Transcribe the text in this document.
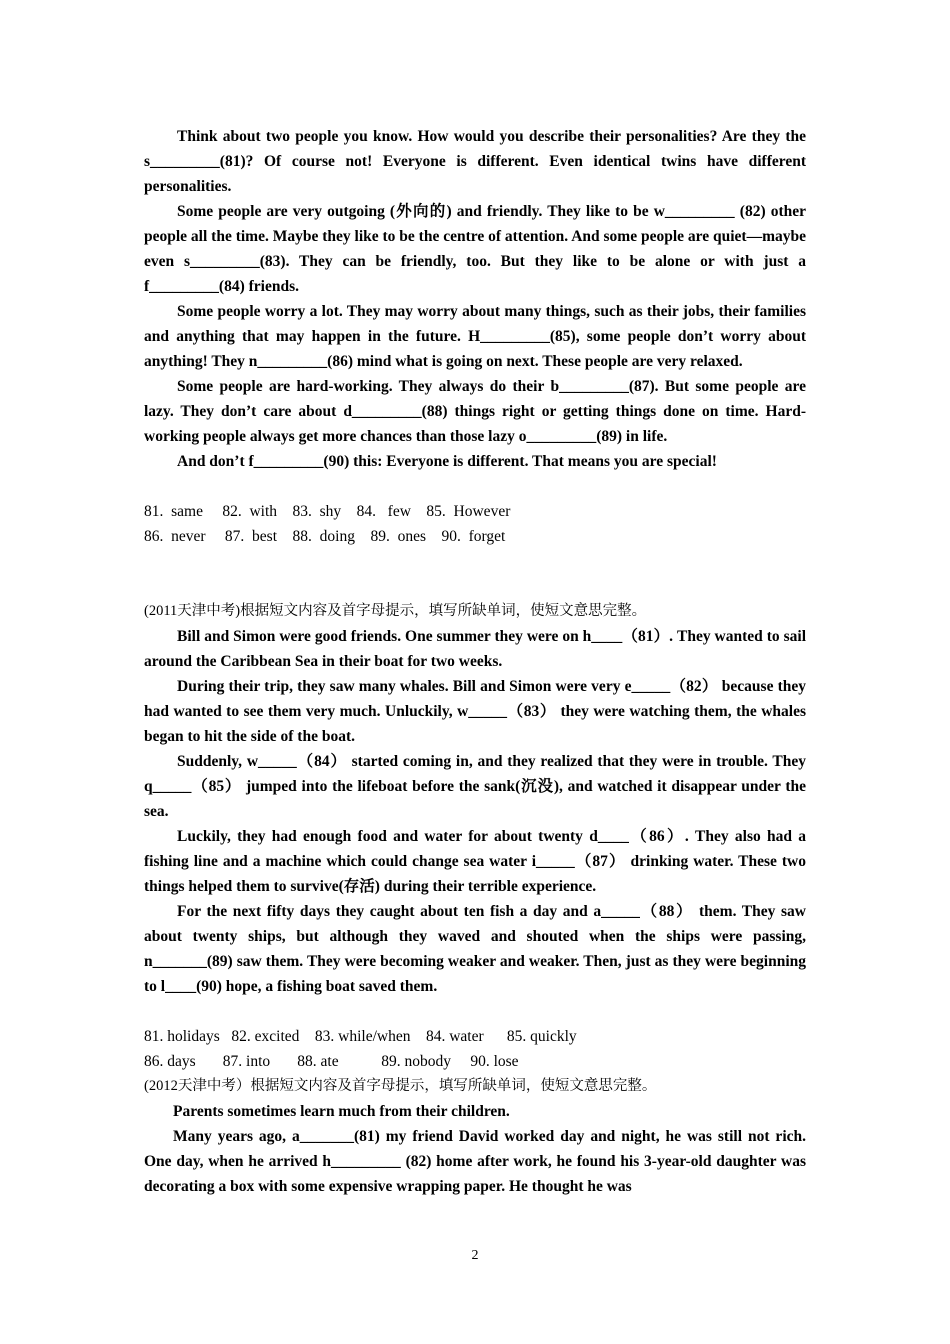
Think about two people you know. How would you describe their personalities? Are they the s_________(81)? Of course not! Everyone is different. Even identical twins have different personalities.

Some people are very outgoing (外向的) and friendly. They like to be w_________ (82) other people all the time. Maybe they like to be the centre of attention. And some people are quiet—maybe even s_________(83). They can be friendly, too. But they like to be alone or with just a f_________(84) friends.

Some people worry a lot. They may worry about many things, such as their jobs, their families and anything that may happen in the future. H_________(85), some people don’t worry about anything! They n_________(86) mind what is going on next. These people are very relaxed.

Some people are hard-working. They always do their b_________(87). But some people are lazy. They don’t care about d_________(88) things right or getting things done on time. Hard-working people always get more chances than those lazy o_________(89) in life.

And don’t f_________(90) this: Everyone is different. That means you are special!

81.  same     82.  with    83.  shy    84.   few    85.  However

86.  never     87.  best    88.  doing    89.  ones    90.  forget

(2011天津中考)根据短文内容及首字母提示，填写所缺单词，使短文意思完整。

Bill and Simon were good friends. One summer they were on h____（81）. They wanted to sail around the Caribbean Sea in their boat for two weeks.

During their trip, they saw many whales. Bill and Simon were very e_____（82） because they had wanted to see them very much. Unluckily, w_____（83） they were watching them, the whales began to hit the side of the boat.

Suddenly, w_____（84） started coming in, and they realized that they were in trouble. They q_____（85） jumped into the lifeboat before the sank(沉没), and watched it disappear under the sea.

Luckily, they had enough food and water for about twenty d____（86）. They also had a fishing line and a machine which could change sea water i_____（87） drinking water. These two things helped them to survive(存活) during their terrible experience.

For the next fifty days they caught about ten fish a day and a_____（88） them. They saw about twenty ships, but although they waved and shouted when the ships were passing, n_______(89) saw them. They were becoming weaker and weaker. Then, just as they were beginning to l____(90) hope, a fishing boat saved them.

81. holidays   82. excited    83. while/when    84. water      85. quickly

86. days       87. into       88. ate           89. nobody     90. lose

(2012天津中考）根据短文内容及首字母提示，填写所缺单词，使短文意思完整。

Parents sometimes learn much from their children.

Many years ago, a_______(81) my friend David worked day and night, he was still not rich. One day, when he arrived h_________ (82) home after work, he found his 3-year-old daughter was decorating a box with some expensive wrapping paper. He thought he was

2
